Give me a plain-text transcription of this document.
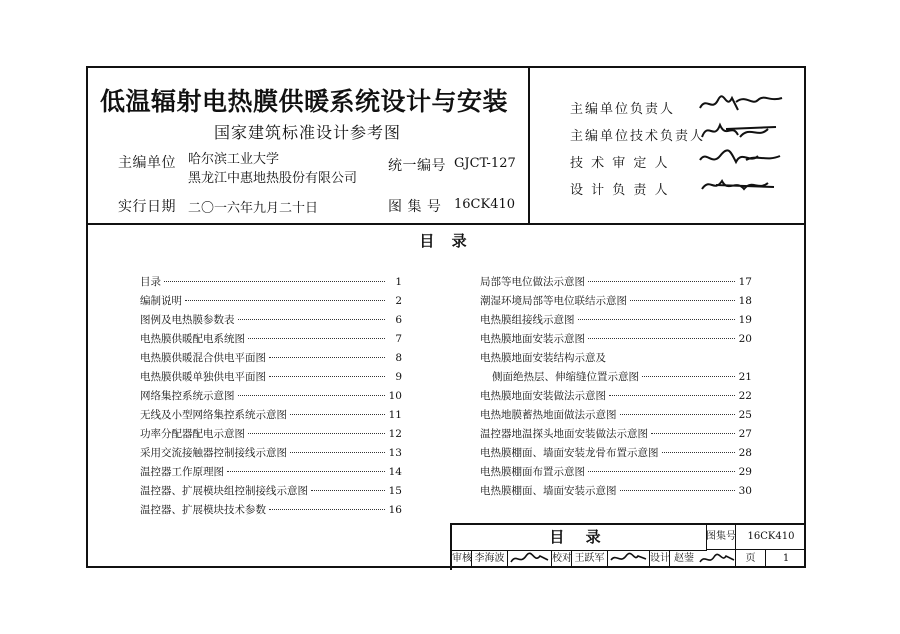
低温辐射电热膜供暖系统设计与安装
国家建筑标准设计参考图
主编单位 哈尔滨工业大学
黑龙江中惠地热股份有限公司
统一编号 GJCT-127
实行日期 二〇一六年九月二十日	图 集 号 16CK410
主编单位负责人
主编单位技术负责人
技 术 审 定 人
设 计 负 责 人
目 录
目录	1
编制说明	2
图例及电热膜参数表	6
电热膜供暖配电系统图	7
电热膜供暖混合供电平面图	8
电热膜供暖单独供电平面图	9
网络集控系统示意图	10
无线及小型网络集控系统示意图	11
功率分配器配电示意图	12
采用交流接触器控制接线示意图	13
温控器工作原理图	14
温控器、扩展模块组控制接线示意图	15
温控器、扩展模块技术参数	16
局部等电位做法示意图	17
潮湿环境局部等电位联结示意图	18
电热膜组接线示意图	19
电热膜地面安装示意图	20
电热膜地面安装结构示意及
侧面绝热层、伸缩缝位置示意图	21
电热膜地面安装做法示意图	22
电热地膜蓄热地面做法示意图	25
温控器地温探头地面安装做法示意图	27
电热膜棚面、墙面安装龙骨布置示意图	28
电热膜棚面布置示意图	29
电热膜棚面、墙面安装示意图	30
目 录	图集号	16CK410
审核 李海波	校对 王跃军	设计 赵蓥	页	1
